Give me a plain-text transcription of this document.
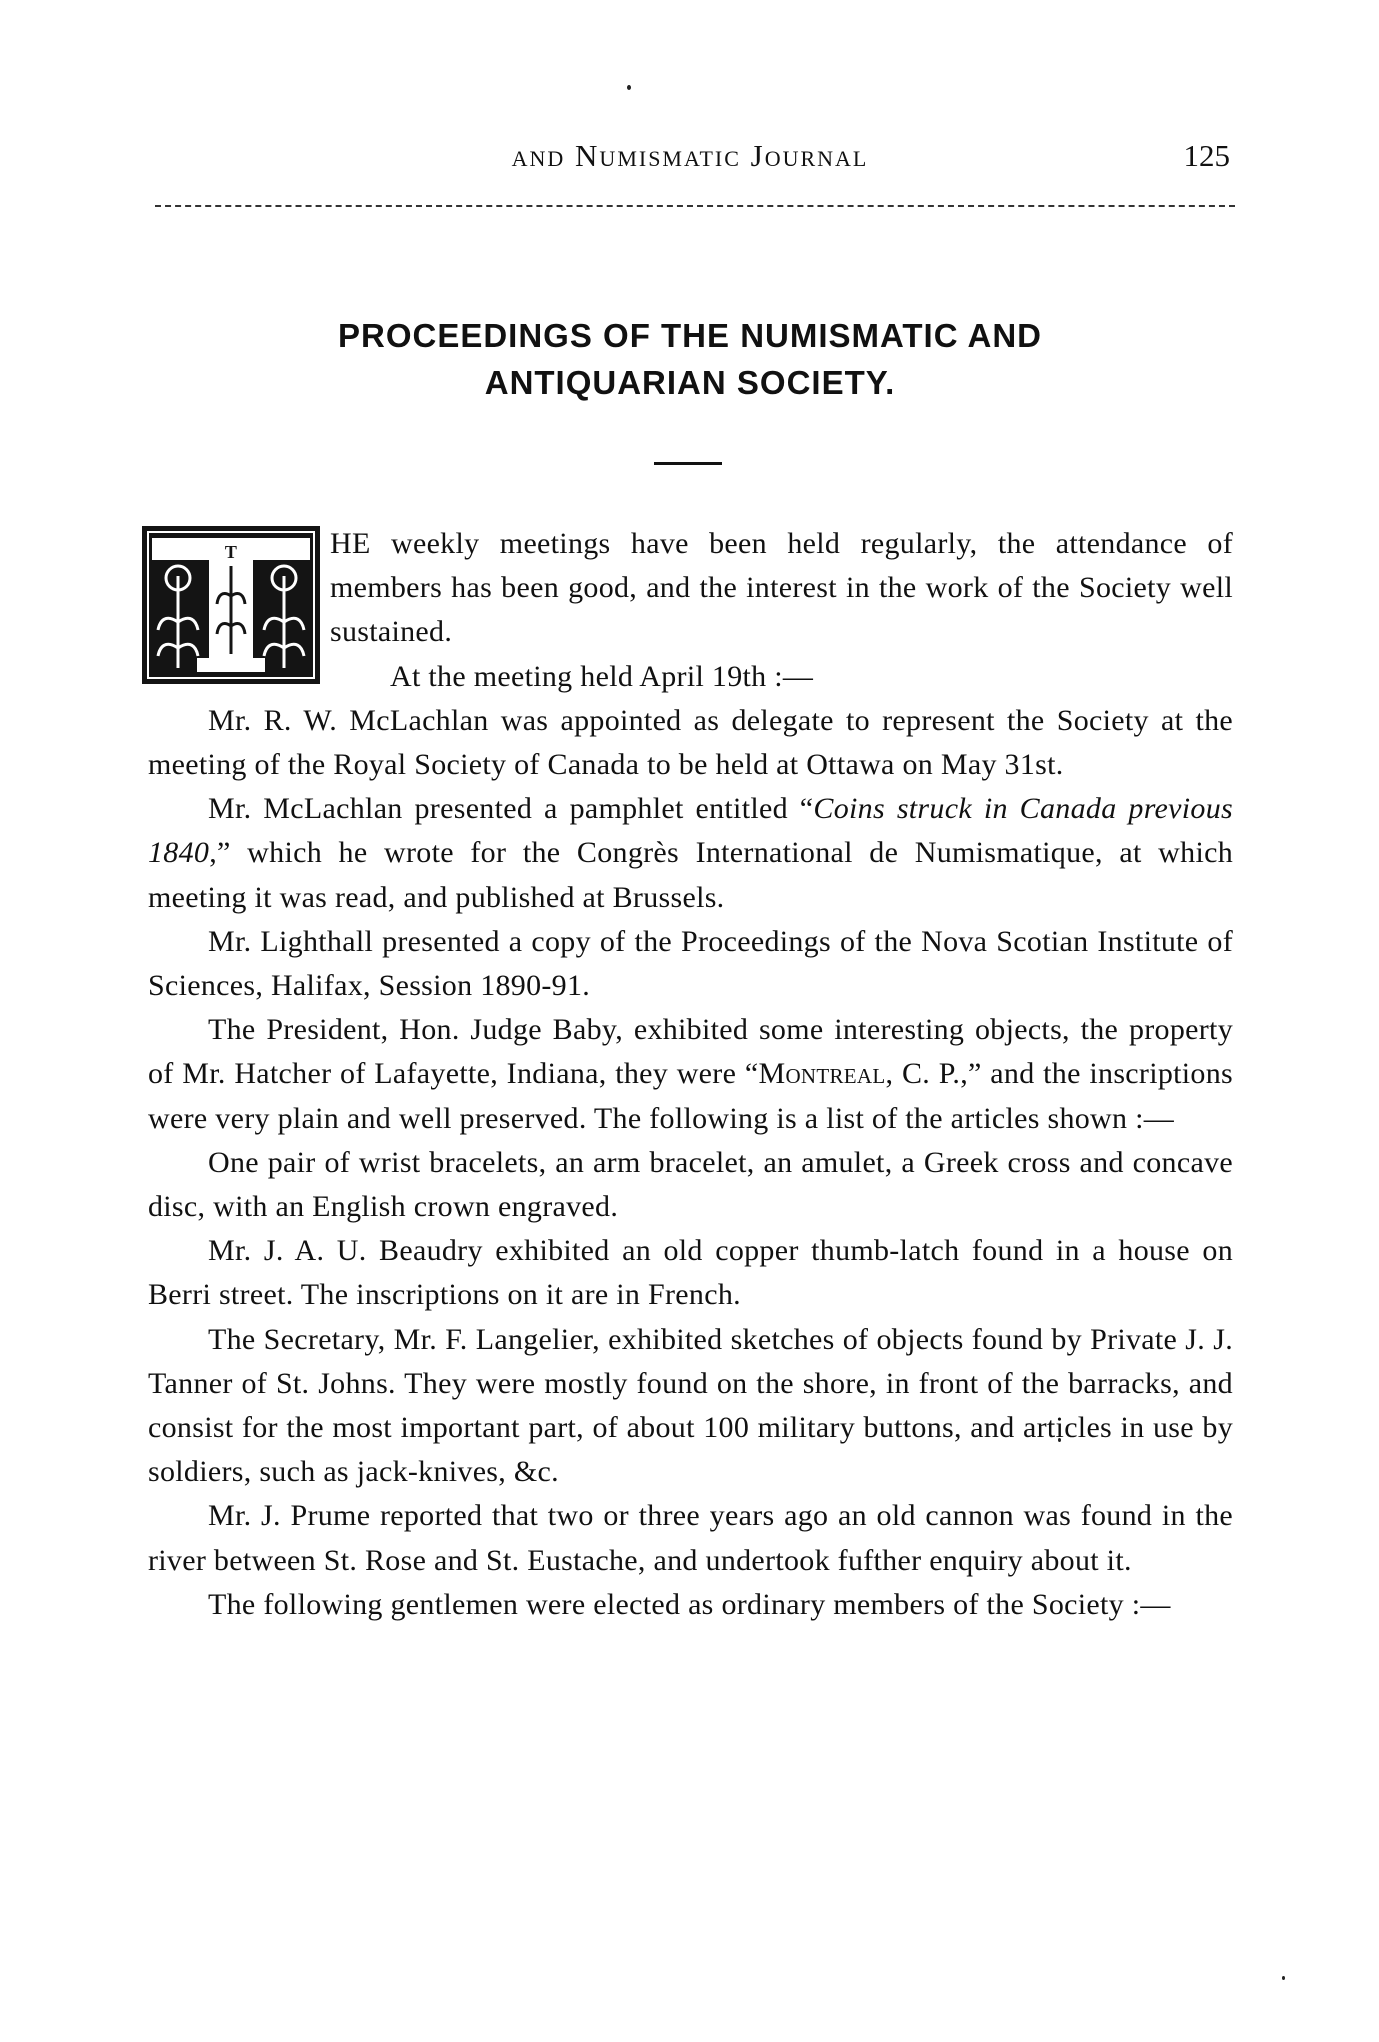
and Numismatic Journal	125
PROCEEDINGS OF THE NUMISMATIC AND
ANTIQUARIAN SOCIETY.
T	HE weekly meetings have been held regularly, the attendance of members has been good, and the interest in the work of the Society well sustained.

At the meeting held April 19th :—

Mr. R. W. McLachlan was appointed as delegate to represent the Society at the meeting of the Royal Society of Canada to be held at Ottawa on May 31st.

Mr. McLachlan presented a pamphlet entitled “Coins struck in Canada previous 1840,” which he wrote for the Congrès International de Numismatique, at which meeting it was read, and published at Brussels.

Mr. Lighthall presented a copy of the Proceedings of the Nova Scotian Institute of Sciences, Halifax, Session 1890-91.

The President, Hon. Judge Baby, exhibited some interesting objects, the property of Mr. Hatcher of Lafayette, Indiana, they were “Montreal, C. P.,” and the inscriptions were very plain and well preserved. The following is a list of the articles shown :—

One pair of wrist bracelets, an arm bracelet, an amulet, a Greek cross and concave disc, with an English crown engraved.

Mr. J. A. U. Beaudry exhibited an old copper thumb-latch found in a house on Berri street. The inscriptions on it are in French.

The Secretary, Mr. F. Langelier, exhibited sketches of objects found by Private J. J. Tanner of St. Johns. They were mostly found on the shore, in front of the barracks, and consist for the most important part, of about 100 military buttons, and articles in use by soldiers, such as jack-knives, &c.

Mr. J. Prume reported that two or three years ago an old cannon was found in the river between St. Rose and St. Eustache, and undertook fufther enquiry about it.

The following gentlemen were elected as ordinary members of the Society :—
